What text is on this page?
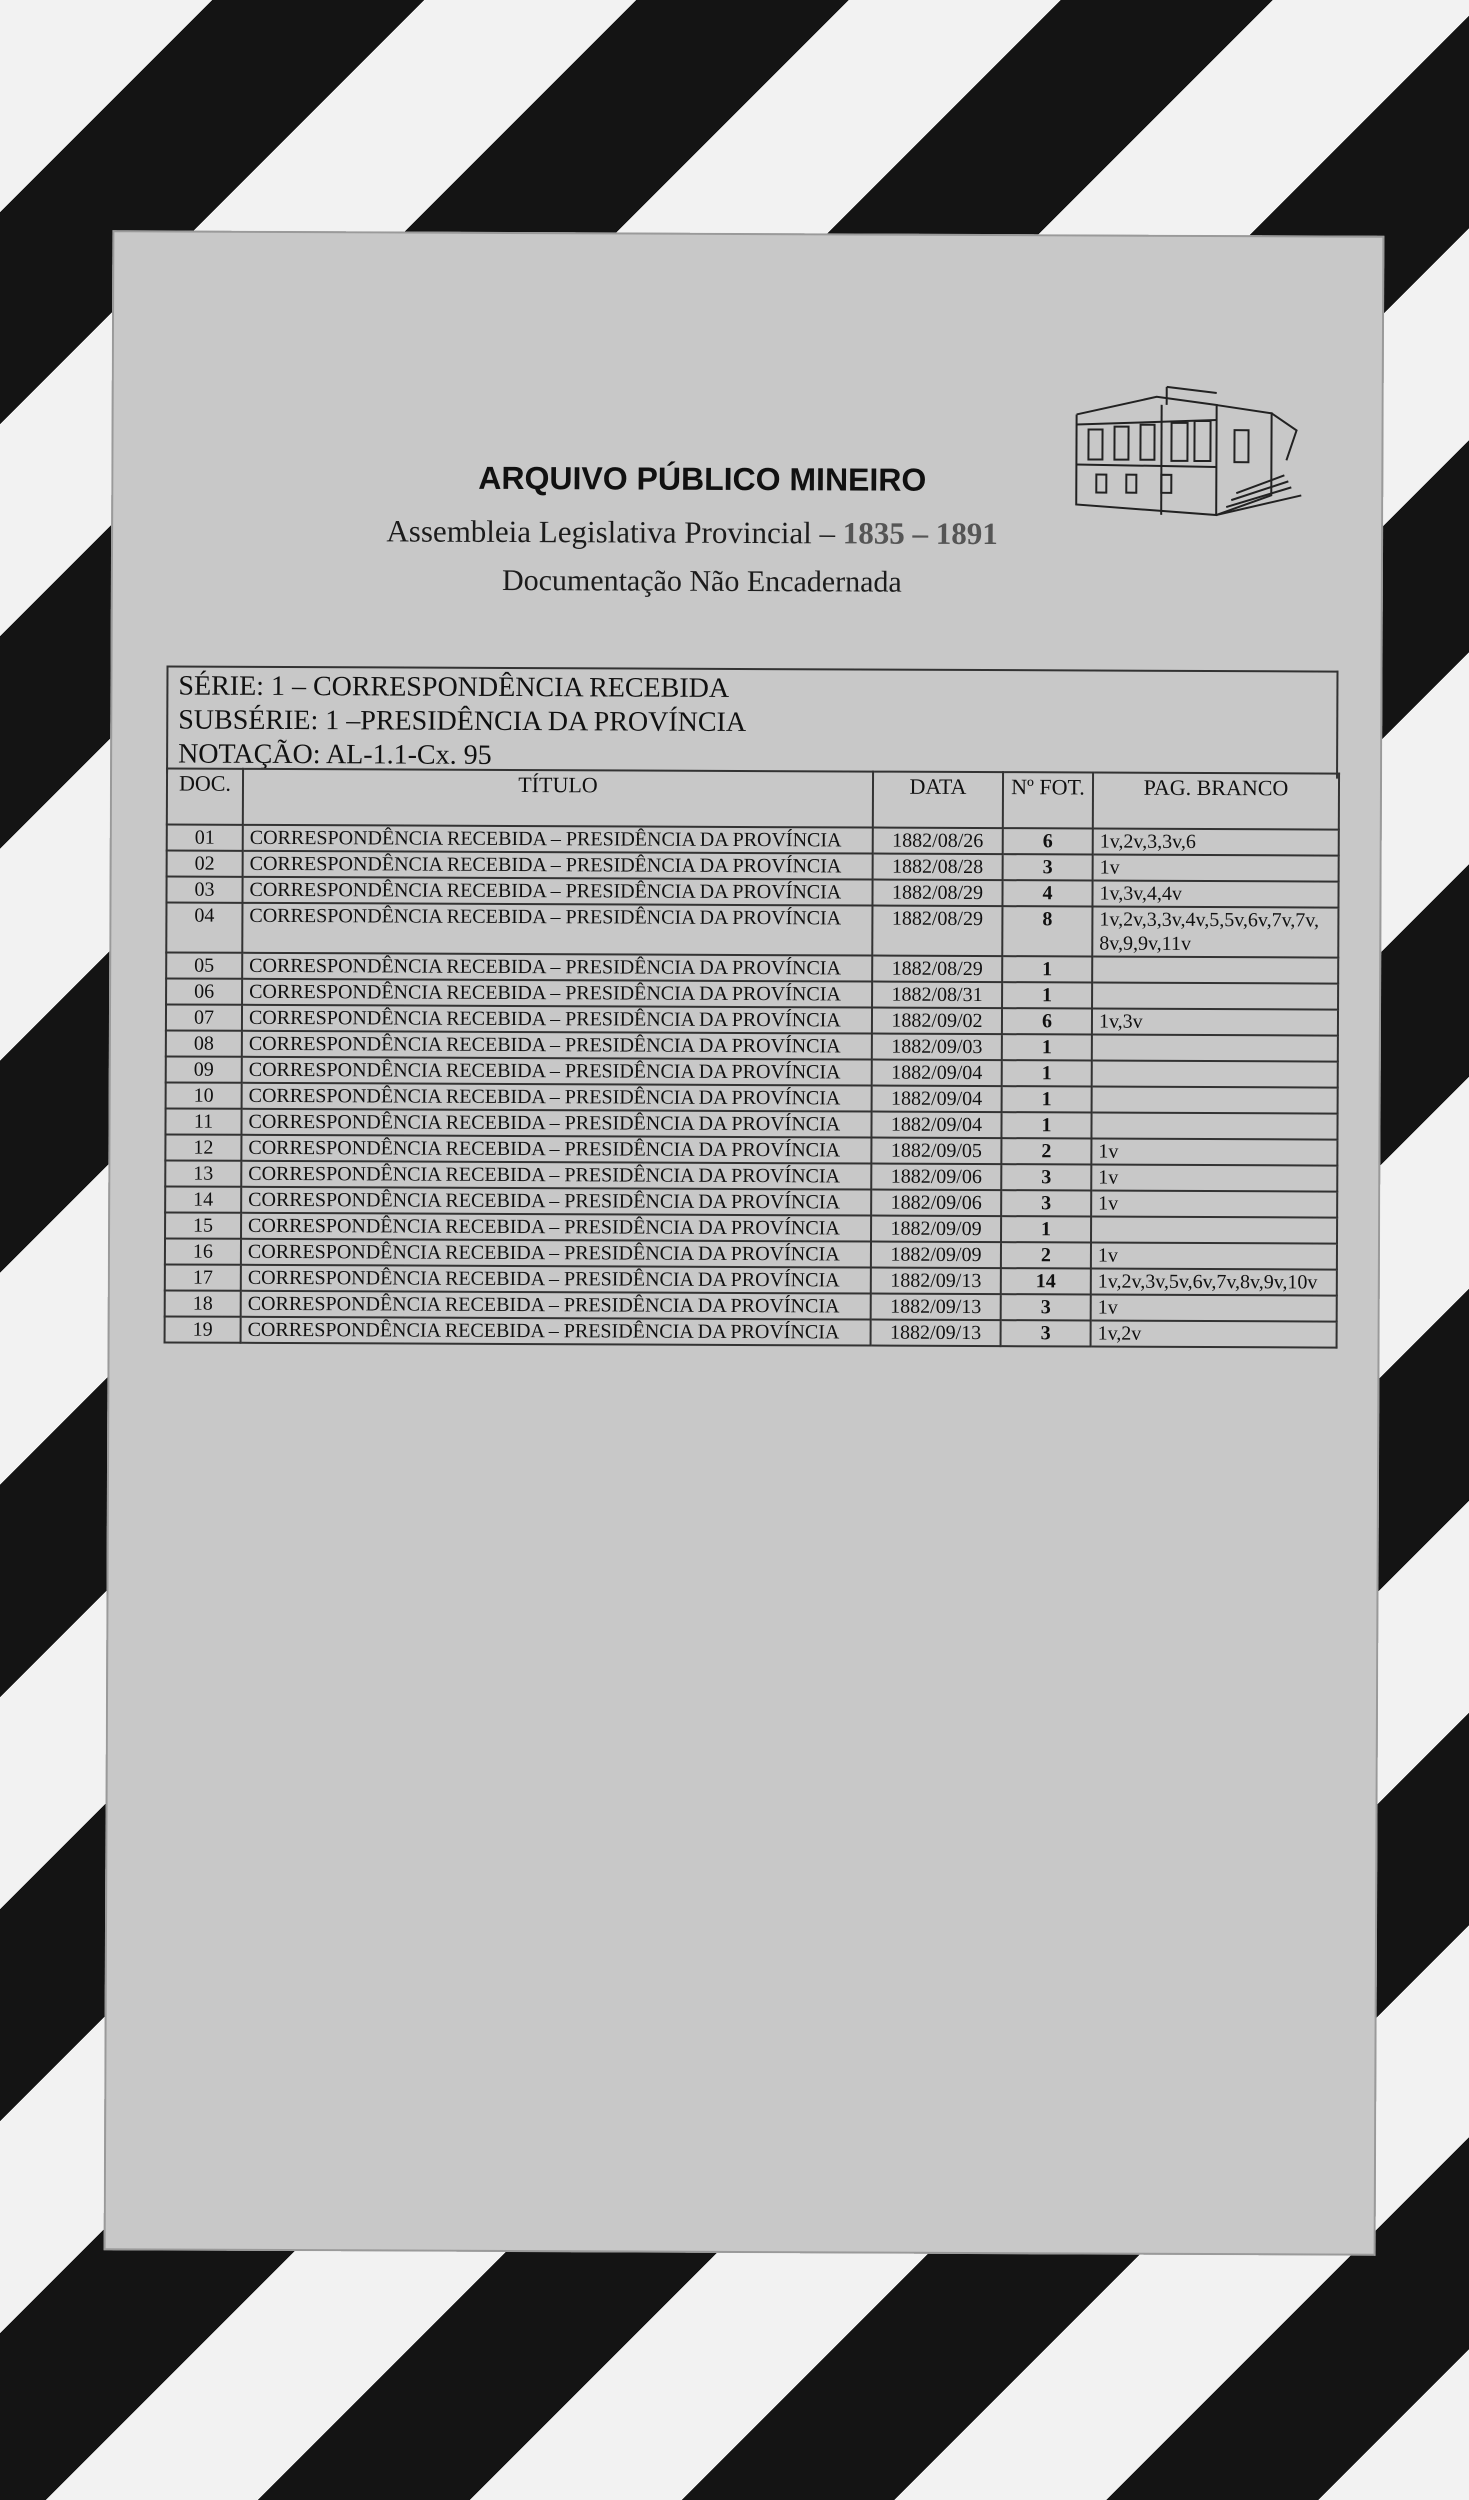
ARQUIVO PÚBLICO MINEIRO
Assembleia Legislativa Provincial – 1835 – 1891
Documentação Não Encadernada
SÉRIE: 1 – CORRESPONDÊNCIA RECEBIDA
SUBSÉRIE: 1 –PRESIDÊNCIA DA PROVÍNCIA
NOTAÇÃO: AL-1.1-Cx. 95
DOC.	TÍTULO	DATA	Nº FOT.	PAG. BRANCO
01	CORRESPONDÊNCIA RECEBIDA – PRESIDÊNCIA DA PROVÍNCIA	1882/08/26	6	1v,2v,3,3v,6
02	CORRESPONDÊNCIA RECEBIDA – PRESIDÊNCIA DA PROVÍNCIA	1882/08/28	3	1v
03	CORRESPONDÊNCIA RECEBIDA – PRESIDÊNCIA DA PROVÍNCIA	1882/08/29	4	1v,3v,4,4v
04	CORRESPONDÊNCIA RECEBIDA – PRESIDÊNCIA DA PROVÍNCIA	1882/08/29	8	1v,2v,3,3v,4v,5,5v,6v,7v,7v, 8v,9,9v,11v
05	CORRESPONDÊNCIA RECEBIDA – PRESIDÊNCIA DA PROVÍNCIA	1882/08/29	1	
06	CORRESPONDÊNCIA RECEBIDA – PRESIDÊNCIA DA PROVÍNCIA	1882/08/31	1	
07	CORRESPONDÊNCIA RECEBIDA – PRESIDÊNCIA DA PROVÍNCIA	1882/09/02	6	1v,3v
08	CORRESPONDÊNCIA RECEBIDA – PRESIDÊNCIA DA PROVÍNCIA	1882/09/03	1	
09	CORRESPONDÊNCIA RECEBIDA – PRESIDÊNCIA DA PROVÍNCIA	1882/09/04	1	
10	CORRESPONDÊNCIA RECEBIDA – PRESIDÊNCIA DA PROVÍNCIA	1882/09/04	1	
11	CORRESPONDÊNCIA RECEBIDA – PRESIDÊNCIA DA PROVÍNCIA	1882/09/04	1	
12	CORRESPONDÊNCIA RECEBIDA – PRESIDÊNCIA DA PROVÍNCIA	1882/09/05	2	1v
13	CORRESPONDÊNCIA RECEBIDA – PRESIDÊNCIA DA PROVÍNCIA	1882/09/06	3	1v
14	CORRESPONDÊNCIA RECEBIDA – PRESIDÊNCIA DA PROVÍNCIA	1882/09/06	3	1v
15	CORRESPONDÊNCIA RECEBIDA – PRESIDÊNCIA DA PROVÍNCIA	1882/09/09	1	
16	CORRESPONDÊNCIA RECEBIDA – PRESIDÊNCIA DA PROVÍNCIA	1882/09/09	2	1v
17	CORRESPONDÊNCIA RECEBIDA – PRESIDÊNCIA DA PROVÍNCIA	1882/09/13	14	1v,2v,3v,5v,6v,7v,8v,9v,10v
18	CORRESPONDÊNCIA RECEBIDA – PRESIDÊNCIA DA PROVÍNCIA	1882/09/13	3	1v
19	CORRESPONDÊNCIA RECEBIDA – PRESIDÊNCIA DA PROVÍNCIA	1882/09/13	3	1v,2v
